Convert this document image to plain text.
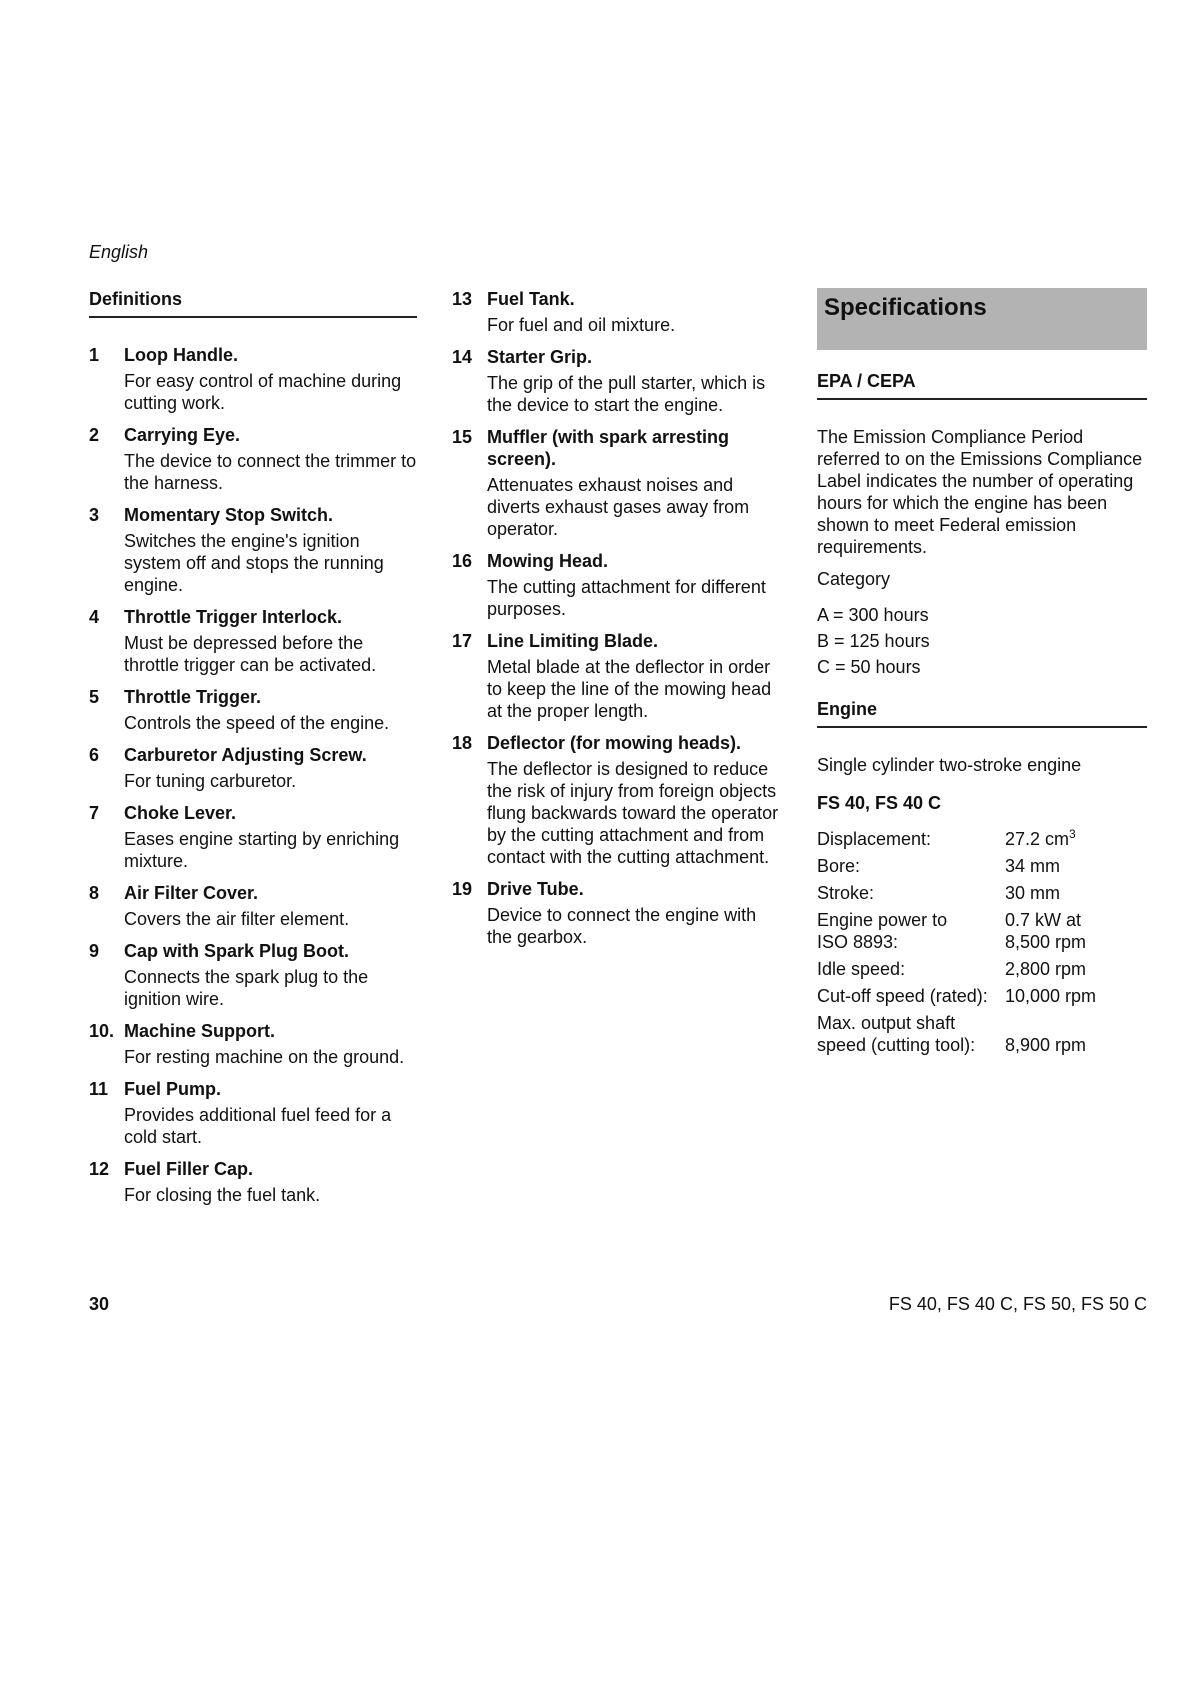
English
Definitions
1	Loop Handle.
For easy control of machine during cutting work.
2	Carrying Eye.
The device to connect the trimmer to the harness.
3	Momentary Stop Switch.
Switches the engine's ignition system off and stops the running engine.
4	Throttle Trigger Interlock.
Must be depressed before the throttle trigger can be activated.
5	Throttle Trigger.
Controls the speed of the engine.
6	Carburetor Adjusting Screw.
For tuning carburetor.
7	Choke Lever.
Eases engine starting by enriching mixture.
8	Air Filter Cover.
Covers the air filter element.
9	Cap with Spark Plug Boot.
Connects the spark plug to the ignition wire.
10. Machine Support.
For resting machine on the ground.
11 Fuel Pump.
Provides additional fuel feed for a cold start.
12 Fuel Filler Cap.
For closing the fuel tank.
13 Fuel Tank.
For fuel and oil mixture.
14 Starter Grip.
The grip of the pull starter, which is the device to start the engine.
15 Muffler (with spark arresting screen).
Attenuates exhaust noises and diverts exhaust gases away from operator.
16 Mowing Head.
The cutting attachment for different purposes.
17 Line Limiting Blade.
Metal blade at the deflector in order to keep the line of the mowing head at the proper length.
18 Deflector (for mowing heads).
The deflector is designed to reduce the risk of injury from foreign objects flung backwards toward the operator by the cutting attachment and from contact with the cutting attachment.
19 Drive Tube.
Device to connect the engine with the gearbox.
Specifications
EPA / CEPA
The Emission Compliance Period referred to on the Emissions Compliance Label indicates the number of operating hours for which the engine has been shown to meet Federal emission requirements.
Category
A = 300 hours
B = 125 hours
C = 50 hours
Engine
Single cylinder two-stroke engine
FS 40, FS 40 C
Displacement:	27.2 $cm^3$
Bore:	34 mm
Stroke:	30 mm
Engine power to
ISO 8893:	0.7 kW at
8,500 rpm
Idle speed:	2,800 rpm
Cut-off speed (rated):	10,000 rpm
Max. output shaft
speed (cutting tool):	8,900 rpm
30	FS 40, FS 40 C, FS 50, FS 50 C
